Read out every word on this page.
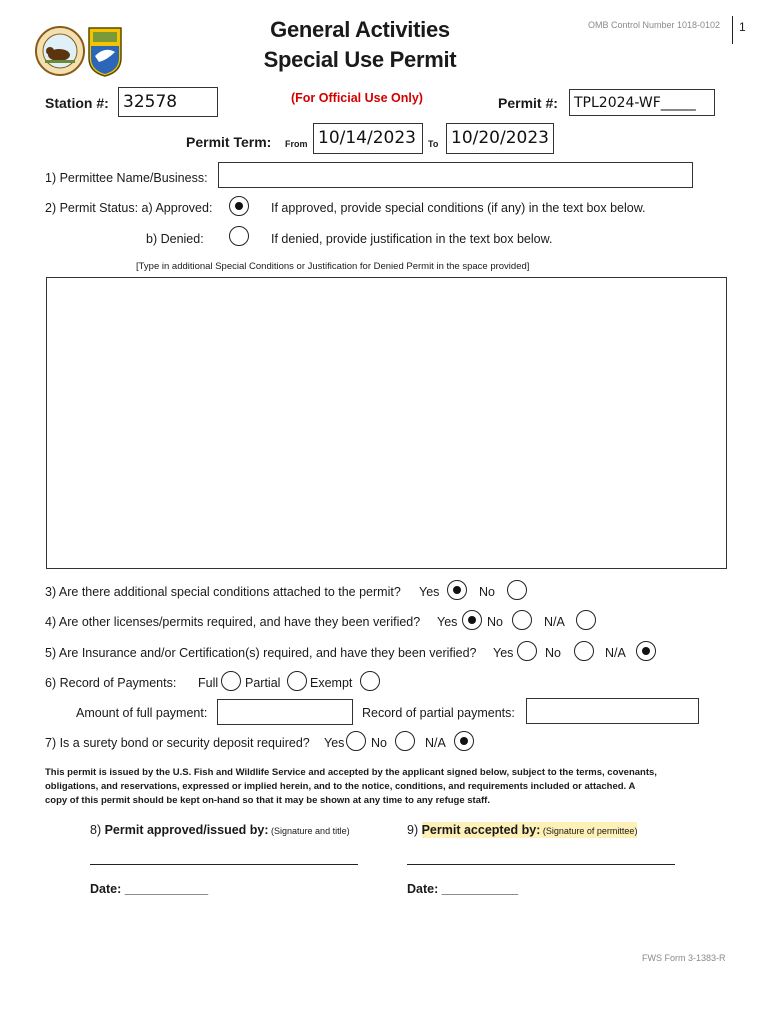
General Activities
Special Use Permit
OMB Control Number 1018-0102 1
(For Official Use Only)
Station #: 32578	Permit #:	TPL2024-WF_____
Permit Term: From 10/14/2023	To 10/20/2023
1) Permittee Name/Business:
2) Permit Status: a) Approved:	If approved, provide special conditions (if any) in the text box below.
b) Denied:	If denied, provide justification in the text box below.
[Type in additional Special Conditions or Justification for Denied Permit in the space provided]
3) Are there additional special conditions attached to the permit? Yes	No
4) Are other licenses/permits required, and have they been verified? Yes No	N/A
5) Are Insurance and/or Certification(s) required, and have they been verified? Yes	No	N/A
6) Record of Payments: Full Partial Exempt
Amount of full payment:	Record of partial payments:
7) Is a surety bond or security deposit required? Yes No	N/A
This permit is issued by the U.S. Fish and Wildlife Service and accepted by the applicant signed below, subject to the terms, covenants,
obligations, and reservations, expressed or implied herein, and to the notice, conditions, and requirements included or attached. A
copy of this permit should be kept on-hand so that it may be shown at any time to any refuge staff.
8) Permit approved/issued by: (Signature and title)
Date: ____________
9) Permit accepted by: (Signature of permittee)
Date: ___________
FWS Form 3-1383-R
